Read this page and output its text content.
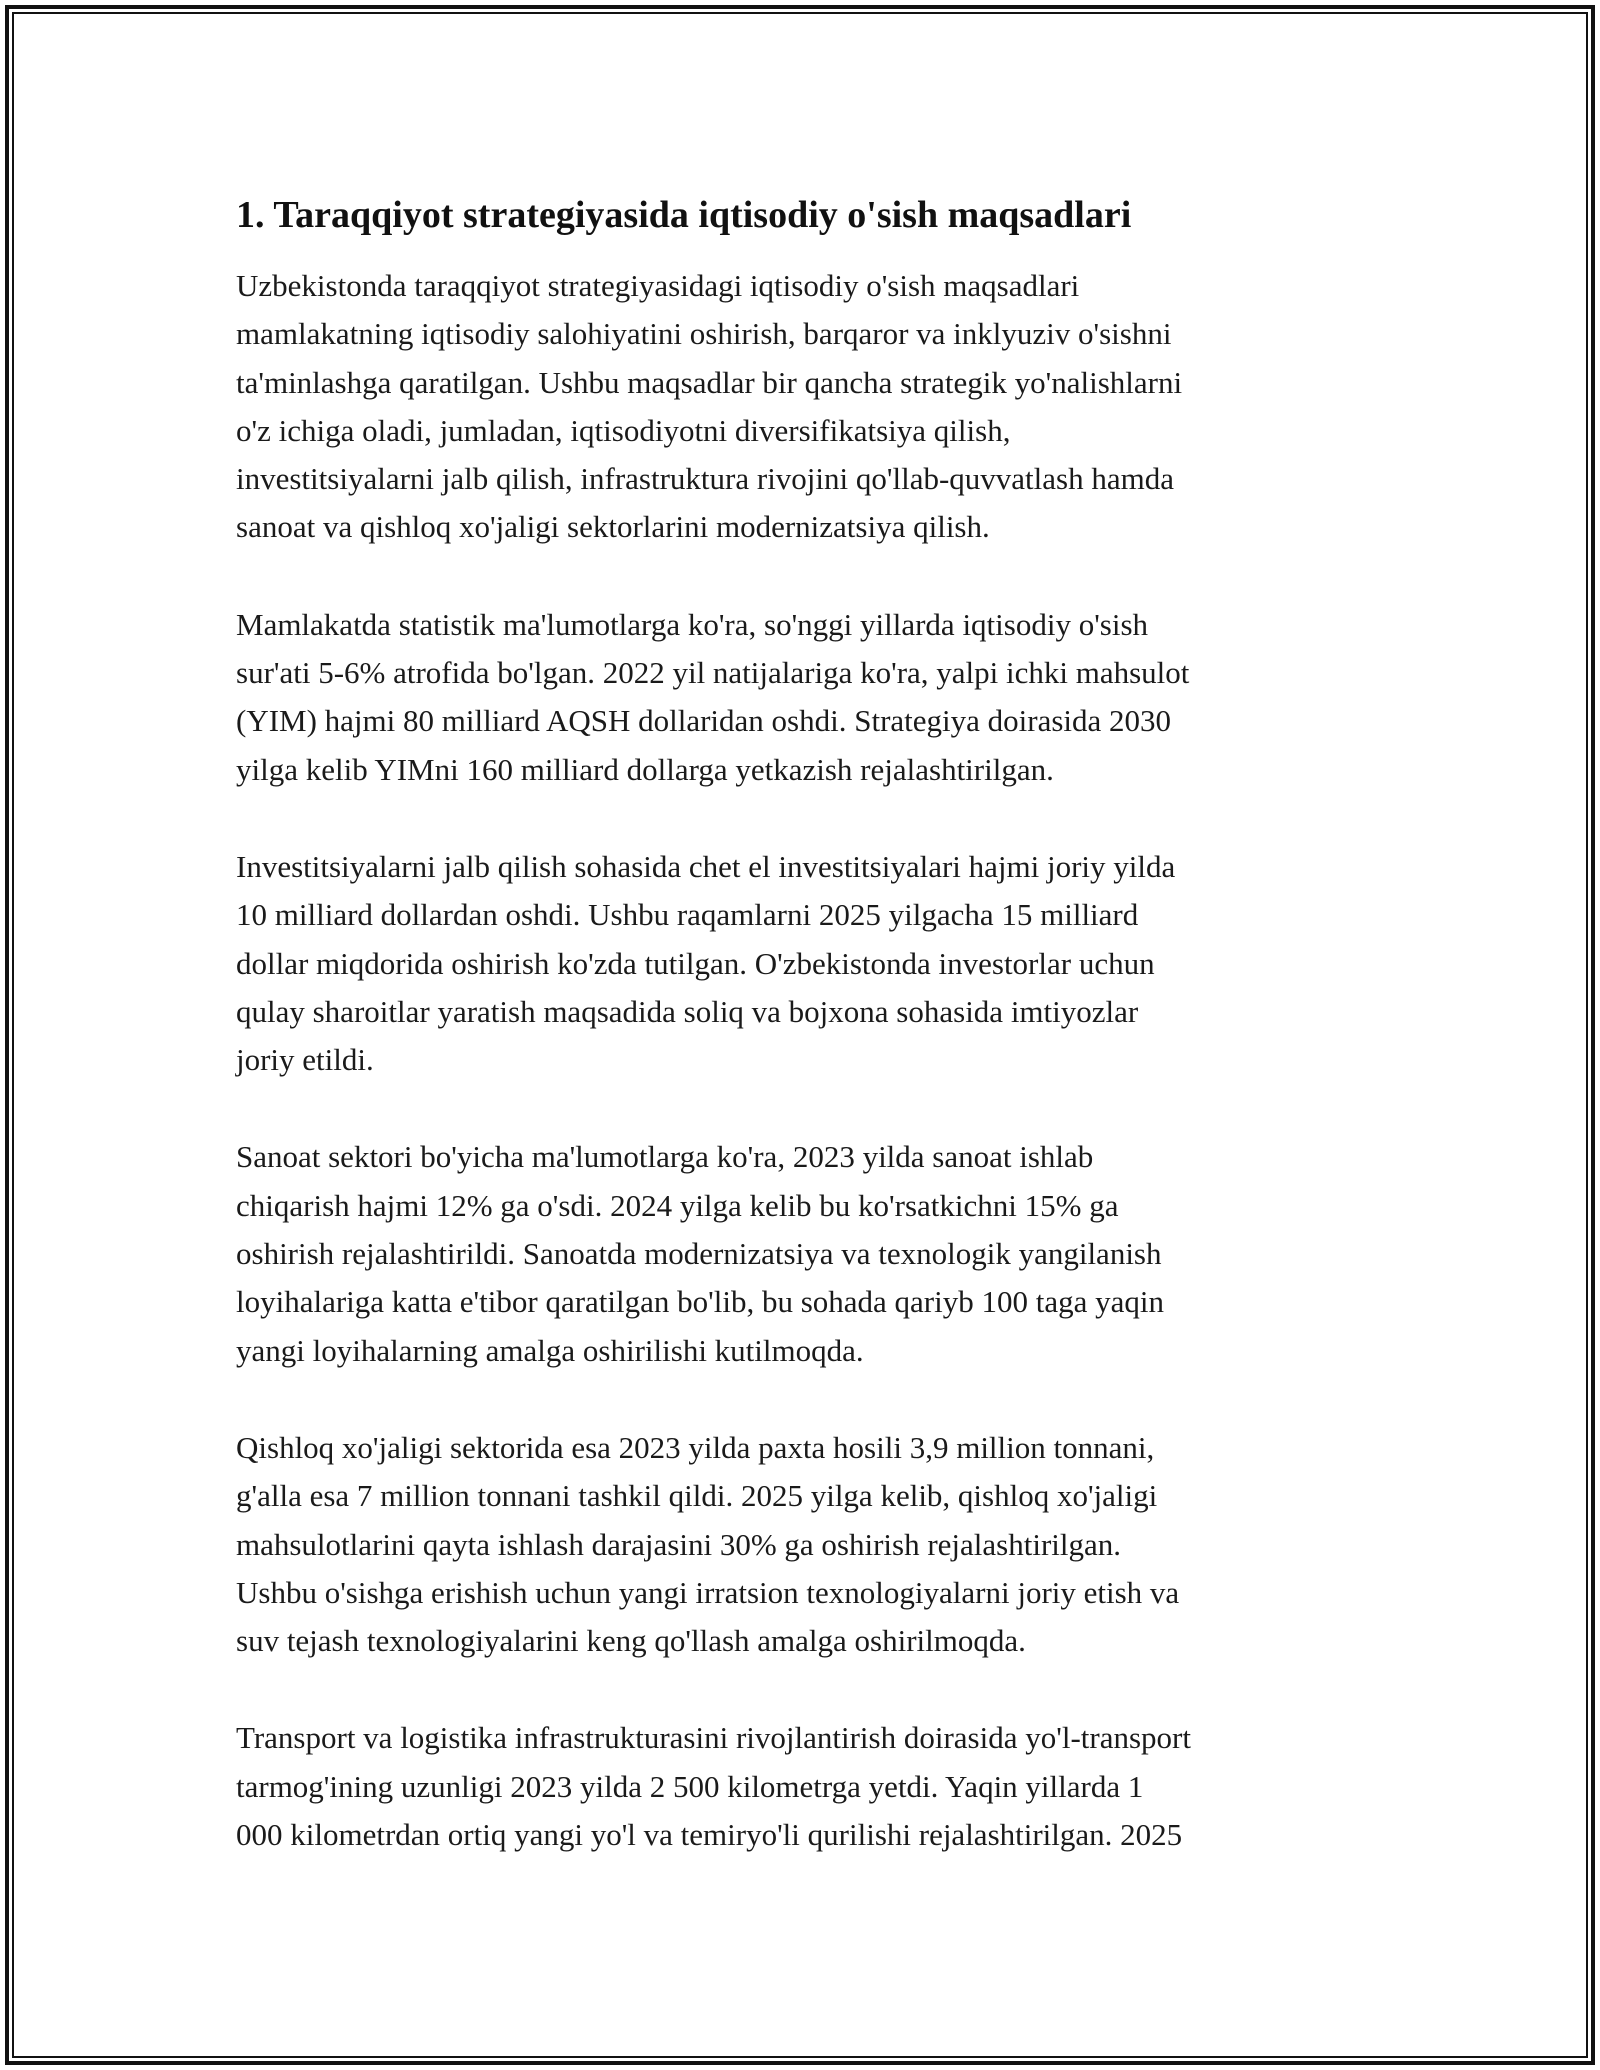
1. Taraqqiyot strategiyasida iqtisodiy o'sish maqsadlari

Uzbekistonda taraqqiyot strategiyasidagi iqtisodiy o'sish maqsadlari
mamlakatning iqtisodiy salohiyatini oshirish, barqaror va inklyuziv o'sishni
ta'minlashga qaratilgan. Ushbu maqsadlar bir qancha strategik yo'nalishlarni
o'z ichiga oladi, jumladan, iqtisodiyotni diversifikatsiya qilish,
investitsiyalarni jalb qilish, infrastruktura rivojini qo'llab-quvvatlash hamda
sanoat va qishloq xo'jaligi sektorlarini modernizatsiya qilish.

Mamlakatda statistik ma'lumotlarga ko'ra, so'nggi yillarda iqtisodiy o'sish
sur'ati 5-6% atrofida bo'lgan. 2022 yil natijalariga ko'ra, yalpi ichki mahsulot
(YIM) hajmi 80 milliard AQSH dollaridan oshdi. Strategiya doirasida 2030
yilga kelib YIMni 160 milliard dollarga yetkazish rejalashtirilgan.

Investitsiyalarni jalb qilish sohasida chet el investitsiyalari hajmi joriy yilda
10 milliard dollardan oshdi. Ushbu raqamlarni 2025 yilgacha 15 milliard
dollar miqdorida oshirish ko'zda tutilgan. O'zbekistonda investorlar uchun
qulay sharoitlar yaratish maqsadida soliq va bojxona sohasida imtiyozlar
joriy etildi.

Sanoat sektori bo'yicha ma'lumotlarga ko'ra, 2023 yilda sanoat ishlab
chiqarish hajmi 12% ga o'sdi. 2024 yilga kelib bu ko'rsatkichni 15% ga
oshirish rejalashtirildi. Sanoatda modernizatsiya va texnologik yangilanish
loyihalariga katta e'tibor qaratilgan bo'lib, bu sohada qariyb 100 taga yaqin
yangi loyihalarning amalga oshirilishi kutilmoqda.

Qishloq xo'jaligi sektorida esa 2023 yilda paxta hosili 3,9 million tonnani,
g'alla esa 7 million tonnani tashkil qildi. 2025 yilga kelib, qishloq xo'jaligi
mahsulotlarini qayta ishlash darajasini 30% ga oshirish rejalashtirilgan.
Ushbu o'sishga erishish uchun yangi irratsion texnologiyalarni joriy etish va
suv tejash texnologiyalarini keng qo'llash amalga oshirilmoqda.

Transport va logistika infrastrukturasini rivojlantirish doirasida yo'l-transport
tarmog'ining uzunligi 2023 yilda 2 500 kilometrga yetdi. Yaqin yillarda 1
000 kilometrdan ortiq yangi yo'l va temiryo'li qurilishi rejalashtirilgan. 2025
